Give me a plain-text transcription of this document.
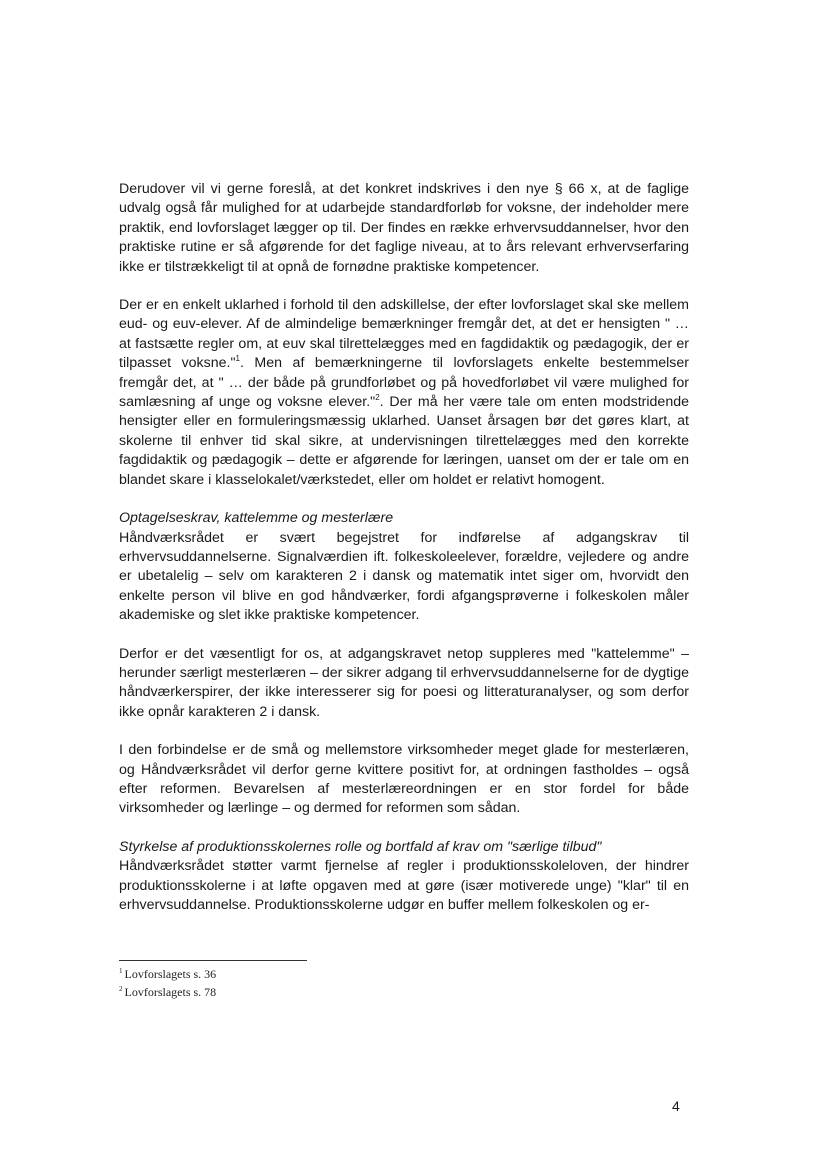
Derudover vil vi gerne foreslå, at det konkret indskrives i den nye § 66 x, at de faglige udvalg også får mulighed for at udarbejde standardforløb for voksne, der indeholder mere praktik, end lovforslaget lægger op til. Der findes en række erhvervsuddannelser, hvor den praktiske rutine er så afgørende for det faglige niveau, at to års relevant erhvervserfaring ikke er tilstrækkeligt til at opnå de fornødne praktiske kompetencer.

Der er en enkelt uklarhed i forhold til den adskillelse, der efter lovforslaget skal ske mellem eud- og euv-elever. Af de almindelige bemærkninger fremgår det, at det er hensigten " … at fastsætte regler om, at euv skal tilrettelægges med en fagdidaktik og pædagogik, der er tilpasset voksne."$^1$. Men af bemærkningerne til lovforslagets enkelte bestemmelser fremgår det, at " … der både på grundforløbet og på hovedforløbet vil være mulighed for samlæsning af unge og voksne elever."$^2$. Der må her være tale om enten modstridende hensigter eller en formuleringsmæssig uklarhed. Uanset årsagen bør det gøres klart, at skolerne til enhver tid skal sikre, at undervisningen tilrettelægges med den korrekte fagdidaktik og pædagogik – dette er afgørende for læringen, uanset om der er tale om en blandet skare i klasselokalet/værkstedet, eller om holdet er relativt homogent.

Optagelseskrav, kattelemme og mesterlære

Håndværksrådet er svært begejstret for indførelse af adgangskrav til erhvervsuddannelserne. Signalværdien ift. folkeskoleelever, forældre, vejledere og andre er ubetalelig – selv om karakteren 2 i dansk og matematik intet siger om, hvorvidt den enkelte person vil blive en god håndværker, fordi afgangsprøverne i folkeskolen måler akademiske og slet ikke praktiske kompetencer.

Derfor er det væsentligt for os, at adgangskravet netop suppleres med "kattelemme" – herunder særligt mesterlæren – der sikrer adgang til erhvervsuddannelserne for de dygtige håndværkerspirer, der ikke interesserer sig for poesi og litteraturanalyser, og som derfor ikke opnår karakteren 2 i dansk.

I den forbindelse er de små og mellemstore virksomheder meget glade for mesterlæren, og Håndværksrådet vil derfor gerne kvittere positivt for, at ordningen fastholdes – også efter reformen. Bevarelsen af mesterlæreordningen er en stor fordel for både virksomheder og lærlinge – og dermed for reformen som sådan.

Styrkelse af produktionsskolernes rolle og bortfald af krav om "særlige tilbud"

Håndværksrådet støtter varmt fjernelse af regler i produktionsskoleloven, der hindrer produktionsskolerne i at løfte opgaven med at gøre (især motiverede unge) "klar" til en erhvervsuddannelse. Produktionsskolerne udgør en buffer mellem folkeskolen og er-

$^1$ Lovforslagets s. 36
$^2$ Lovforslagets s. 78
4
